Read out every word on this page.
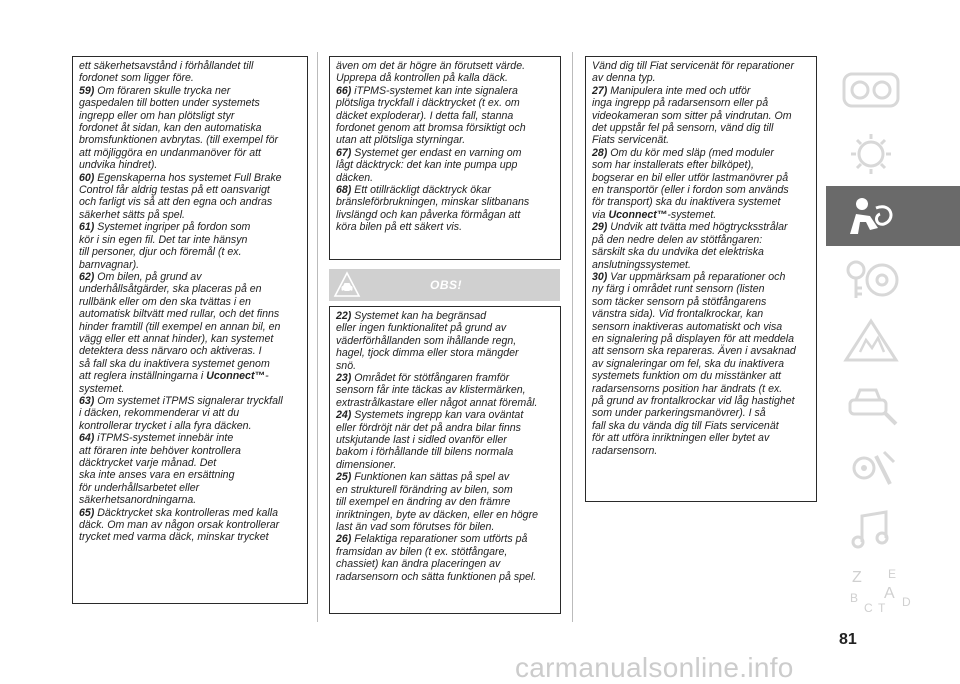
ett säkerhetsavstånd i förhållandet till
fordonet som ligger före.

59) Om föraren skulle trycka ner
gaspedalen till botten under systemets
ingrepp eller om han plötsligt styr
fordonet åt sidan, kan den automatiska
bromsfunktionen avbrytas. (till exempel för
att möjliggöra en undanmanöver för att
undvika hindret).

60) Egenskaperna hos systemet Full Brake
Control får aldrig testas på ett oansvarigt
och farligt vis så att den egna och andras
säkerhet sätts på spel.

61) Systemet ingriper på fordon som
kör i sin egen fil. Det tar inte hänsyn
till personer, djur och föremål (t ex.
barnvagnar).

62) Om bilen, på grund av
underhållsåtgärder, ska placeras på en
rullbänk eller om den ska tvättas i en
automatisk biltvätt med rullar, och det finns
hinder framtill (till exempel en annan bil, en
vägg eller ett annat hinder), kan systemet
detektera dess närvaro och aktiveras. I
så fall ska du inaktivera systemet genom
att reglera inställningarna i Uconnect™-
systemet.

63) Om systemet iTPMS signalerar tryckfall
i däcken, rekommenderar vi att du
kontrollerar trycket i alla fyra däcken.

64) iTPMS-systemet innebär inte
att föraren inte behöver kontrollera
däcktrycket varje månad. Det
ska inte anses vara en ersättning
för underhållsarbetet eller
säkerhetsanordningarna.

65) Däcktrycket ska kontrolleras med kalla
däck. Om man av någon orsak kontrollerar
trycket med varma däck, minskar trycket

även om det är högre än förutsett värde.
Upprepa då kontrollen på kalla däck.

66) iTPMS-systemet kan inte signalera
plötsliga tryckfall i däcktrycket (t ex. om
däcket exploderar). I detta fall, stanna
fordonet genom att bromsa försiktigt och
utan att plötsliga styrningar.

67) Systemet ger endast en varning om
lågt däcktryck: det kan inte pumpa upp
däcken.

68) Ett otillräckligt däcktryck ökar
bränsleförbrukningen, minskar slitbanans
livslängd och kan påverka förmågan att
köra bilen på ett säkert vis.

OBS!

22) Systemet kan ha begränsad
eller ingen funktionalitet på grund av
väderförhållanden som ihållande regn,
hagel, tjock dimma eller stora mängder
snö.

23) Området för stötfångaren framför
sensorn får inte täckas av klistermärken,
extrastrålkastare eller något annat föremål.

24) Systemets ingrepp kan vara oväntat
eller fördröjt när det på andra bilar finns
utskjutande last i sidled ovanför eller
bakom i förhållande till bilens normala
dimensioner.

25) Funktionen kan sättas på spel av
en strukturell förändring av bilen, som
till exempel en ändring av den främre
inriktningen, byte av däcken, eller en högre
last än vad som förutses för bilen.

26) Felaktiga reparationer som utförts på
framsidan av bilen (t ex. stötfångare,
chassiet) kan ändra placeringen av
radarsensorn och sätta funktionen på spel.

Vänd dig till Fiat servicenät för reparationer
av denna typ.

27) Manipulera inte med och utför
inga ingrepp på radarsensorn eller på
videokameran som sitter på vindrutan. Om
det uppstår fel på sensorn, vänd dig till
Fiats servicenät.

28) Om du kör med släp (med moduler
som har installerats efter bilköpet),
bogserar en bil eller utför lastmanövrer på
en transportör (eller i fordon som används
för transport) ska du inaktivera systemet
via Uconnect™-systemet.

29) Undvik att tvätta med högtrycksstrålar
på den nedre delen av stötfångaren:
särskilt ska du undvika det elektriska
anslutningssystemet.

30) Var uppmärksam på reparationer och
ny färg i området runt sensorn (listen
som täcker sensorn på stötfångarens
vänstra sida). Vid frontalkrockar, kan
sensorn inaktiveras automatiskt och visa
en signalering på displayen för att meddela
att sensorn ska repareras. Även i avsaknad
av signaleringar om fel, ska du inaktivera
systemets funktion om du misstänker att
radarsensorns position har ändrats (t ex.
på grund av frontalkrockar vid låg hastighet
som under parkeringsmanövrer). I så
fall ska du vända dig till Fiats servicenät
för att utföra inriktningen eller bytet av
radarsensorn.

Z E
B A
C T D
81
carmanualsonline.info
